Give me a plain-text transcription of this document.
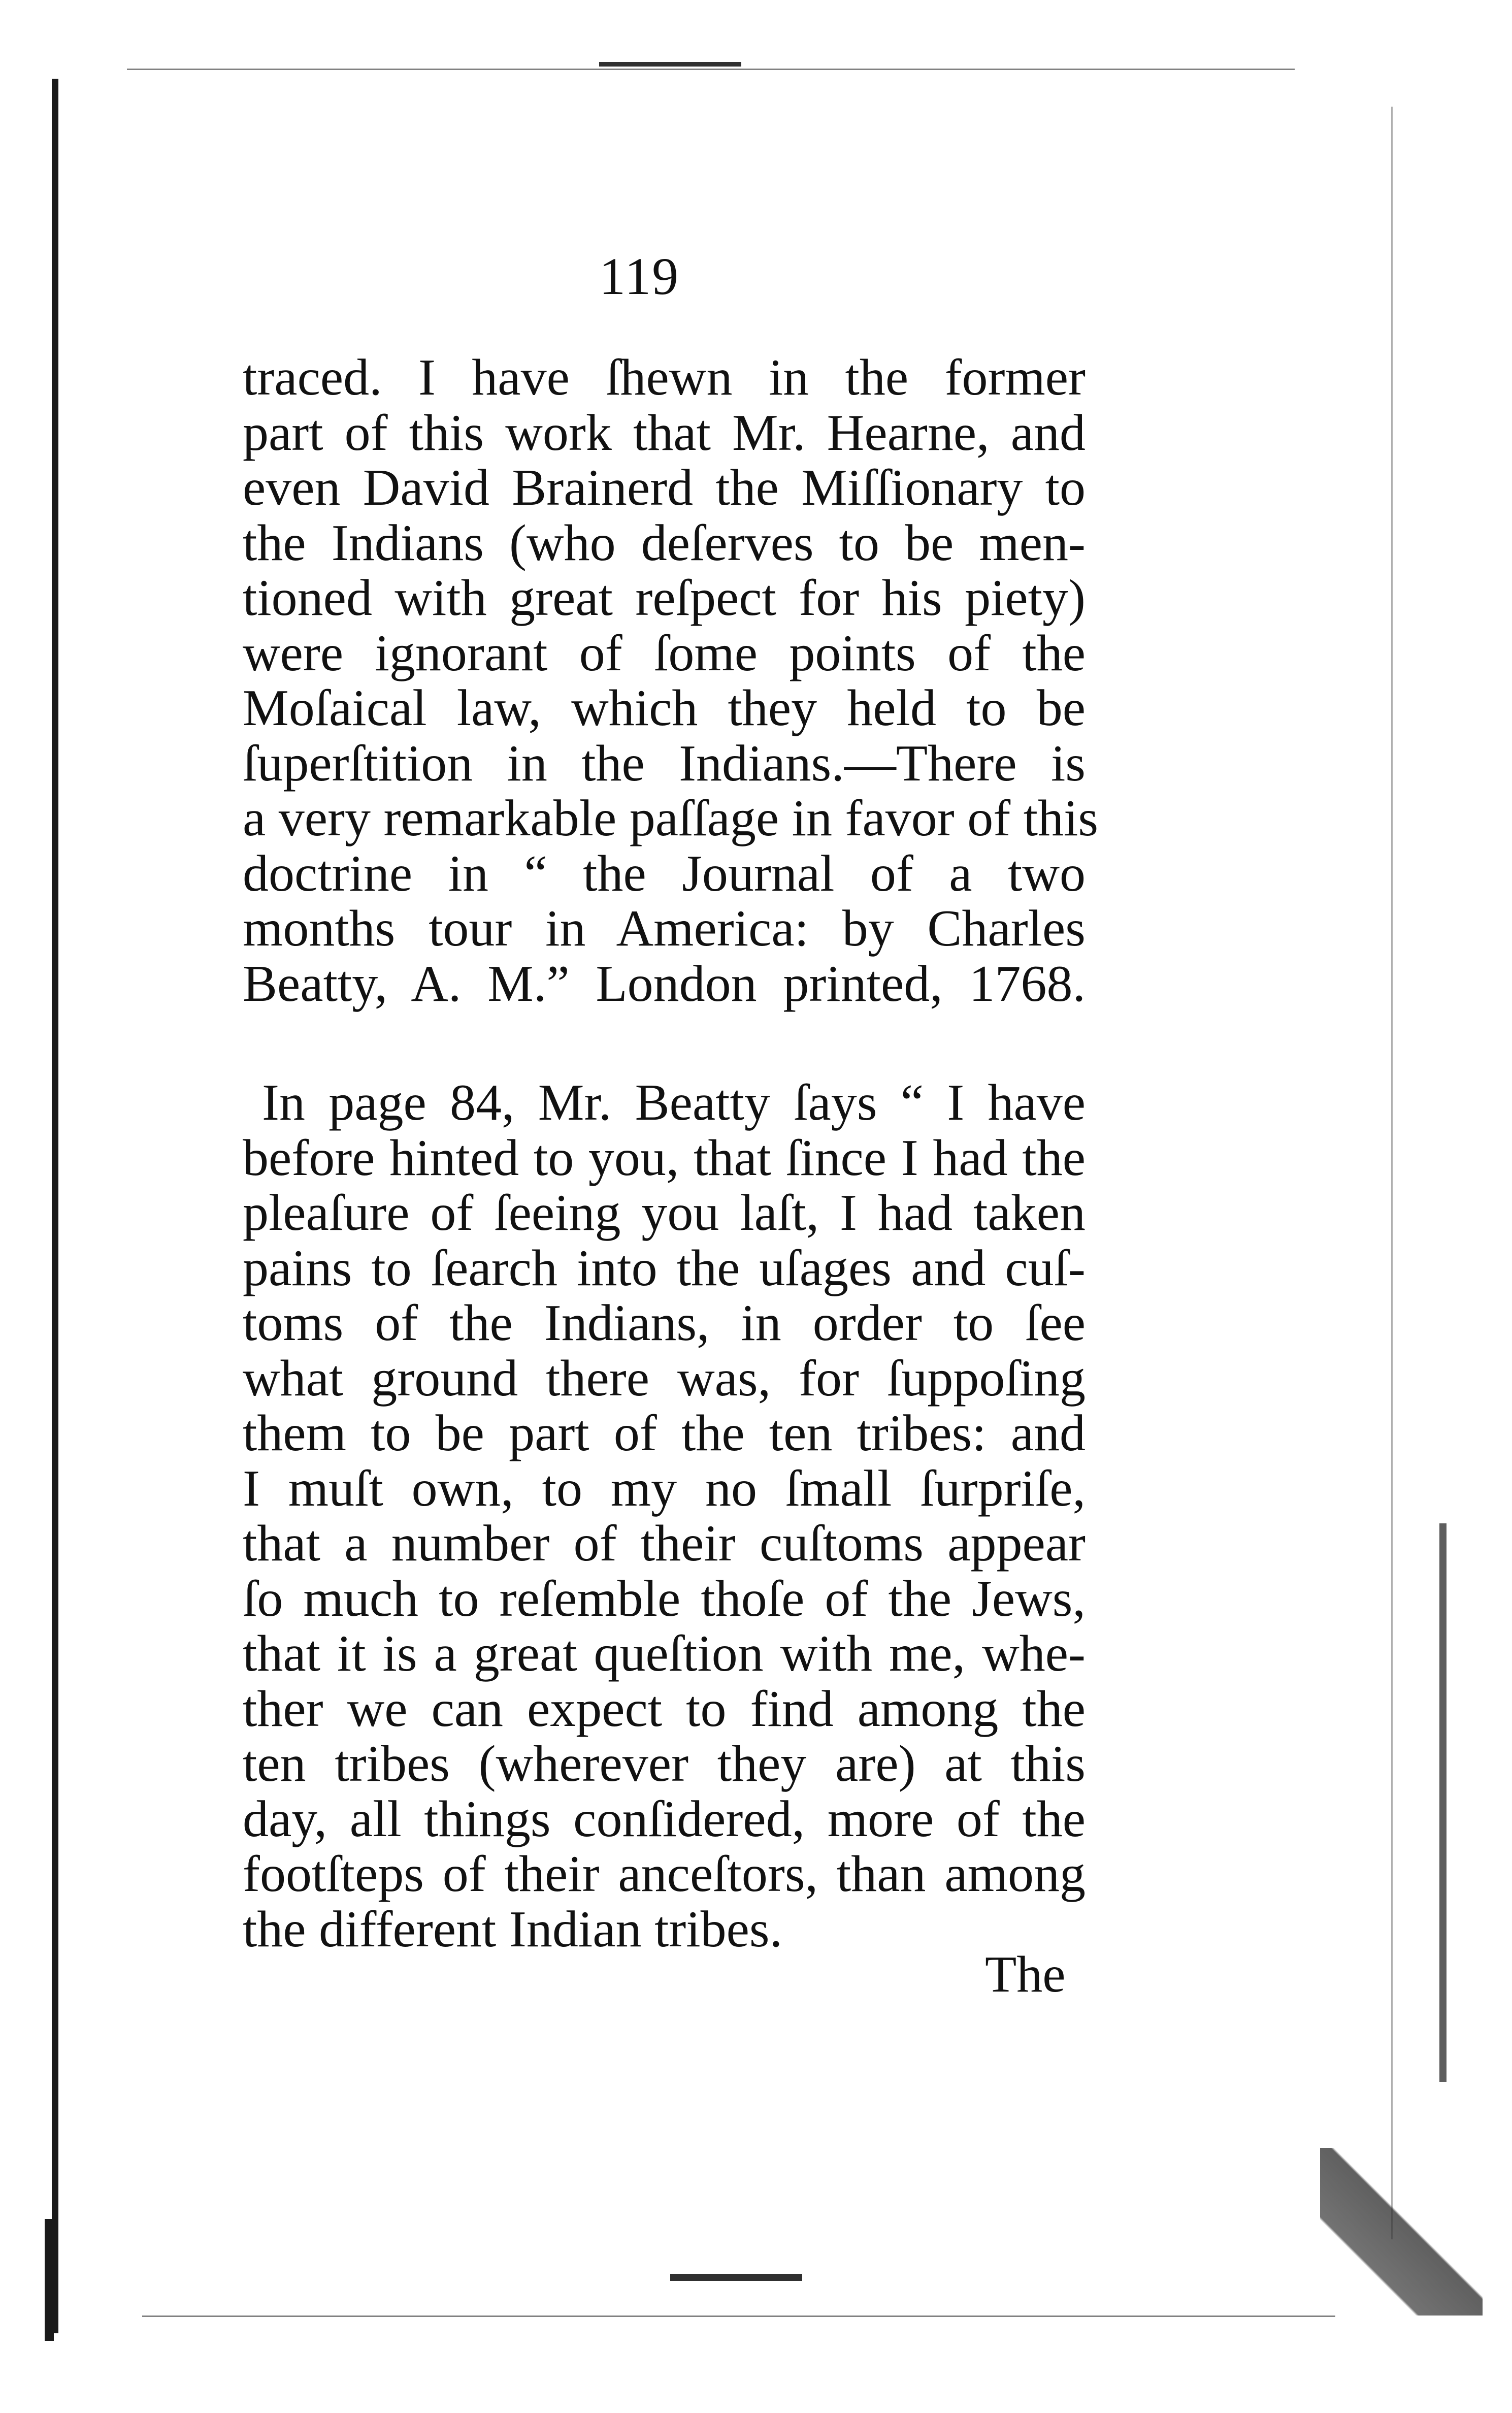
119
traced. I have ſhewn in the former
part of this work that Mr. Hearne, and
even David Brainerd the Miſſionary to
the Indians (who deſerves to be men-
tioned with great reſpect for his piety)
were ignorant of ſome points of the
Moſaical law, which they held to be
ſuperſtition in the Indians.—There is
a very remarkable paſſage in favor of this
doctrine in “ the Journal of a two
months tour in America: by Charles
Beatty, A. M.” London printed, 1768.
In page 84, Mr. Beatty ſays “ I have
before hinted to you, that ſince I had the
pleaſure of ſeeing you laſt, I had taken
pains to ſearch into the uſages and cuſ-
toms of the Indians, in order to ſee
what ground there was, for ſuppoſing
them to be part of the ten tribes: and
I muſt own, to my no ſmall ſurpriſe,
that a number of their cuſtoms appear
ſo much to reſemble thoſe of the Jews,
that it is a great queſtion with me, whe-
ther we can expect to find among the
ten tribes (wherever they are) at this
day, all things conſidered, more of the
footſteps of their anceſtors, than among
the different Indian tribes.
The
